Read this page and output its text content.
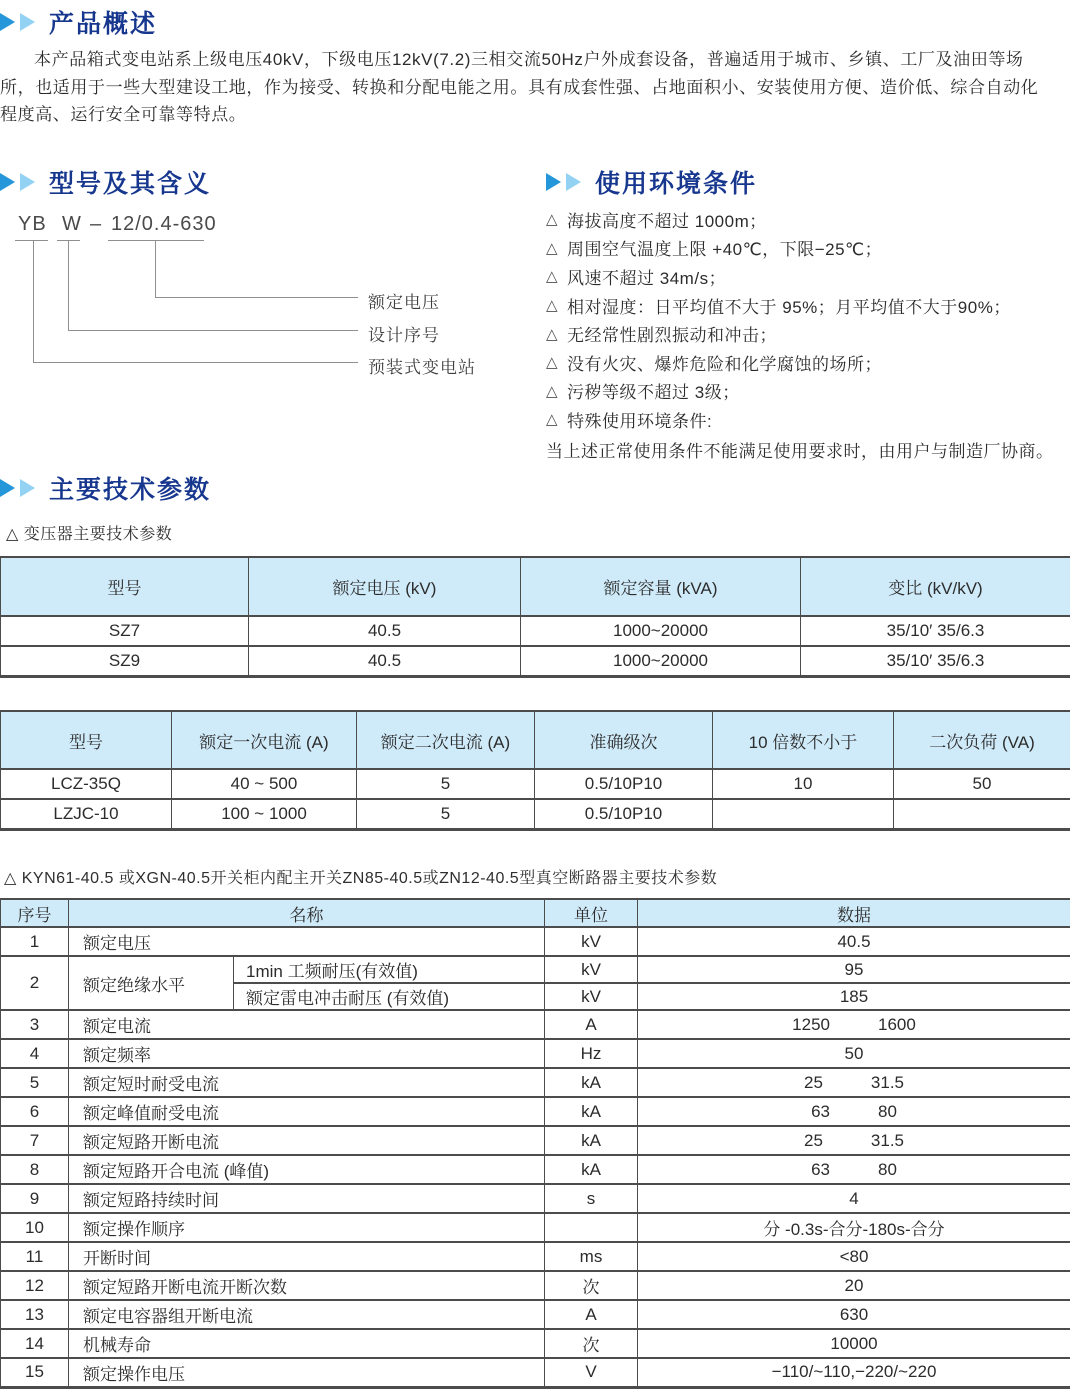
产品概述
本产品箱式变电站系上级电压40kV，下级电压12kV(7.2)三相交流50Hz户外成套设备，普遍适用于城市、乡镇、工厂及油田等场
所，也适用于一些大型建设工地，作为接受、转换和分配电能之用。具有成套性强、占地面积小、安装使用方便、造价低、综合自动化
程度高、运行安全可靠等特点。
型号及其含义
YB W – 12/0.4-630
额定电压
设计序号
预装式变电站
使用环境条件
△ 海拔高度不超过 1000m；
△ 周围空气温度上限 +40℃，下限−25℃；
△ 风速不超过 34m/s；
△ 相对湿度：日平均值不大于 95%；月平均值不大于90%；
△ 无经常性剧烈振动和冲击；
△ 没有火灾、爆炸危险和化学腐蚀的场所；
△ 污秽等级不超过 3级；
△ 特殊使用环境条件:
当上述正常使用条件不能满足使用要求时，由用户与制造厂协商。
主要技术参数
△ 变压器主要技术参数
△ KYN61-40.5 或XGN-40.5开关柜内配主开关ZN85-40.5或ZN12-40.5型真空断路器主要技术参数
型号	额定电压 (kV)	额定容量 (kVA)	变比 (kV/kV)
SZ7	40.5	1000~20000	35/10′ 35/6.3
SZ9	40.5	1000~20000	35/10′ 35/6.3
型号	额定一次电流 (A)	额定二次电流 (A)	准确级次	10 倍数不小于	二次负荷 (VA)
LCZ-35Q	40 ~ 500	5	0.5/10P10	10	50
LZJC-10	100 ~ 1000	5	0.5/10P10		
序号	名称		单位	数据
1	额定电压		kV	40.5
2	额定绝缘水平	1min 工频耐压(有效值)	kV	95
		额定雷电冲击耐压 (有效值)	kV	185
3	额定电流		A	1250 1600

4	额定频率		Hz	50
5	额定短时耐受电流		kA	25 31.5

6	额定峰值耐受电流		kA	63 80

7	额定短路开断电流		kA	25 31.5

8	额定短路开合电流 (峰值)		kA	63 80

9	额定短路持续时间		s	4
10	额定操作顺序			分 -0.3s-合分-180s-合分
11	开断时间		ms	<80
12	额定短路开断电流开断次数		次	20
13	额定电容器组开断电流		A	630
14	机械寿命		次	10000
15	额定操作电压		V	−110/~110,−220/~220
